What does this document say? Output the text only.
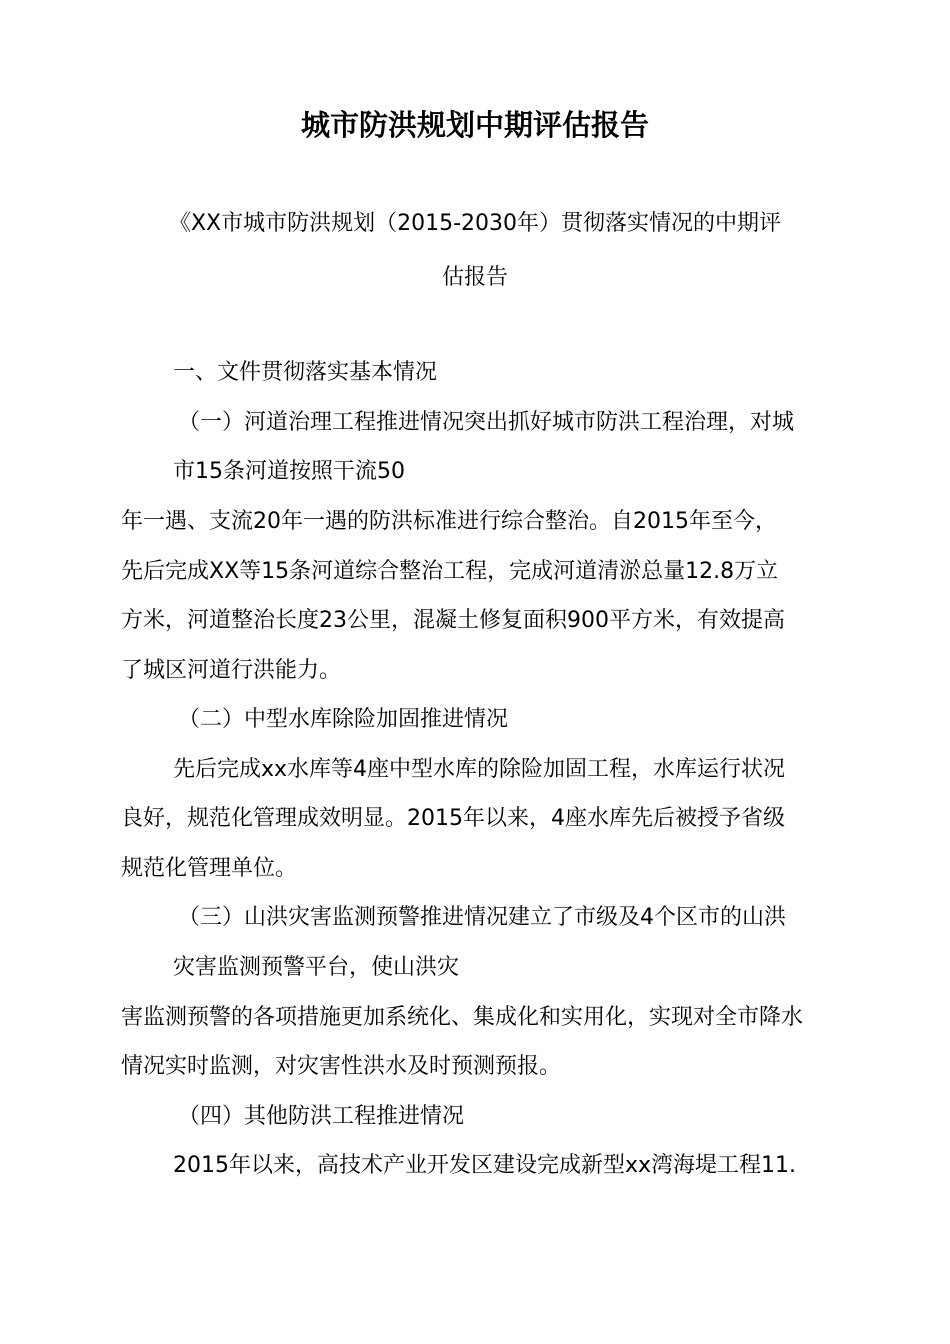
城市防洪规划中期评估报告

《XX市城市防洪规划（2015-2030年）贯彻落实情况的中期评

估报告

一、文件贯彻落实基本情况

（一）河道治理工程推进情况突出抓好城市防洪工程治理，对城

市15条河道按照干流50

年一遇、支流20年一遇的防洪标准进行综合整治。自2015年至今，

先后完成XX等15条河道综合整治工程，完成河道清淤总量12.8万立

方米，河道整治长度23公里，混凝土修复面积900平方米，有效提高

了城区河道行洪能力。

（二）中型水库除险加固推进情况

先后完成xx水库等4座中型水库的除险加固工程，水库运行状况

良好，规范化管理成效明显。2015年以来，4座水库先后被授予省级

规范化管理单位。

（三）山洪灾害监测预警推进情况建立了市级及4个区市的山洪

灾害监测预警平台，使山洪灾

害监测预警的各项措施更加系统化、集成化和实用化，实现对全市降水

情况实时监测，对灾害性洪水及时预测预报。

（四）其他防洪工程推进情况

2015年以来，高技术产业开发区建设完成新型xx湾海堤工程11.
